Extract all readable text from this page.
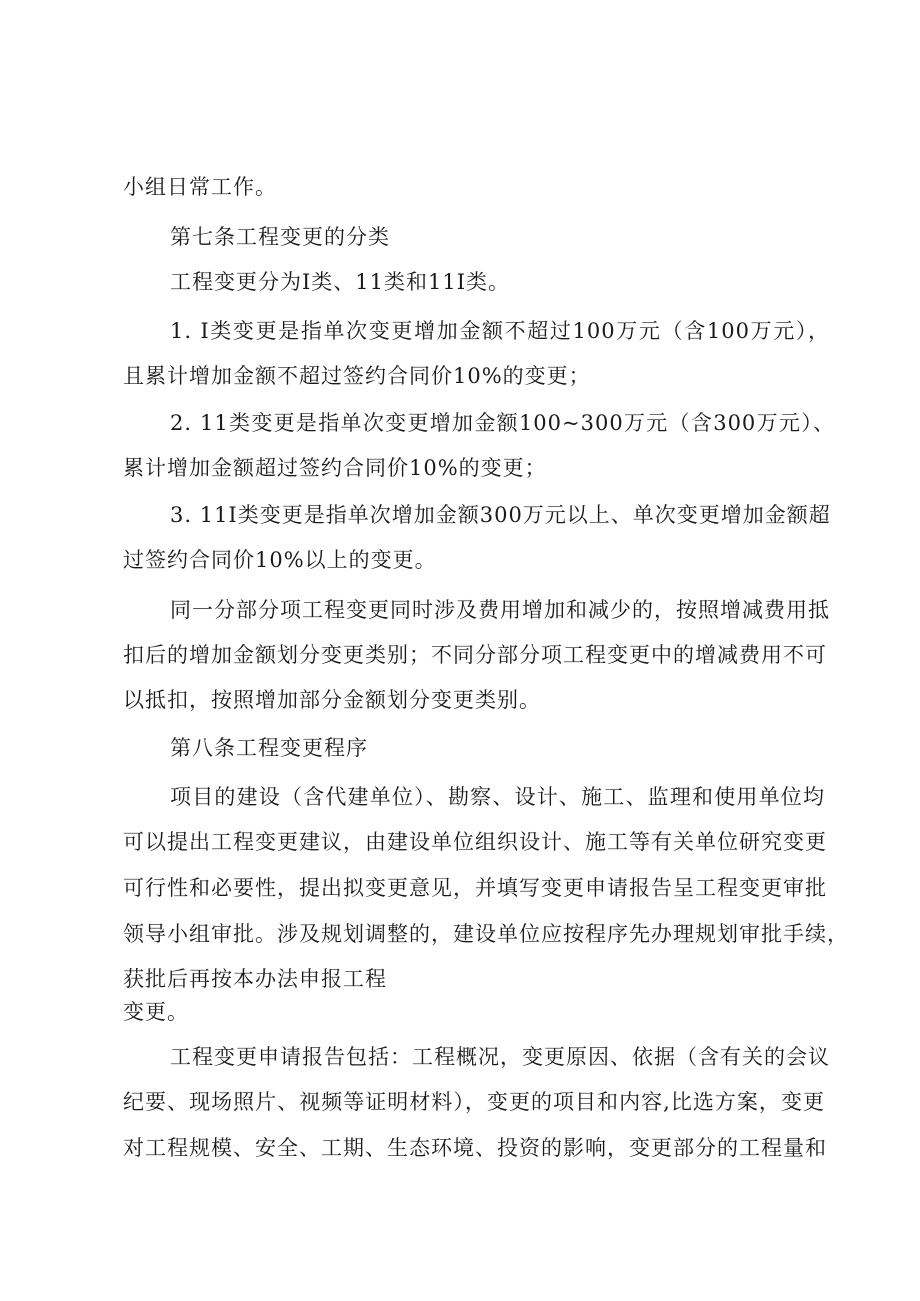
小组日常工作。
第七条工程变更的分类
工程变更分为I类、11类和11I类。
1. I类变更是指单次变更增加金额不超过100万元（含100万元），
且累计增加金额不超过签约合同价10%的变更；
2. 11类变更是指单次变更增加金额100~300万元（含300万元）、
累计增加金额超过签约合同价10%的变更；
3. 11I类变更是指单次增加金额300万元以上、单次变更增加金额超
过签约合同价10%以上的变更。
同一分部分项工程变更同时涉及费用增加和减少的，按照增减费用抵
扣后的增加金额划分变更类别；不同分部分项工程变更中的增减费用不可
以抵扣，按照增加部分金额划分变更类别。
第八条工程变更程序
项目的建设（含代建单位）、勘察、设计、施工、监理和使用单位均
可以提出工程变更建议，由建设单位组织设计、施工等有关单位研究变更
可行性和必要性，提出拟变更意见，并填写变更申请报告呈工程变更审批
领导小组审批。涉及规划调整的，建设单位应按程序先办理规划审批手续，
获批后再按本办法申报工程
变更。
工程变更申请报告包括：工程概况，变更原因、依据（含有关的会议
纪要、现场照片、视频等证明材料），变更的项目和内容,比选方案，变更
对工程规模、安全、工期、生态环境、投资的影响，变更部分的工程量和
